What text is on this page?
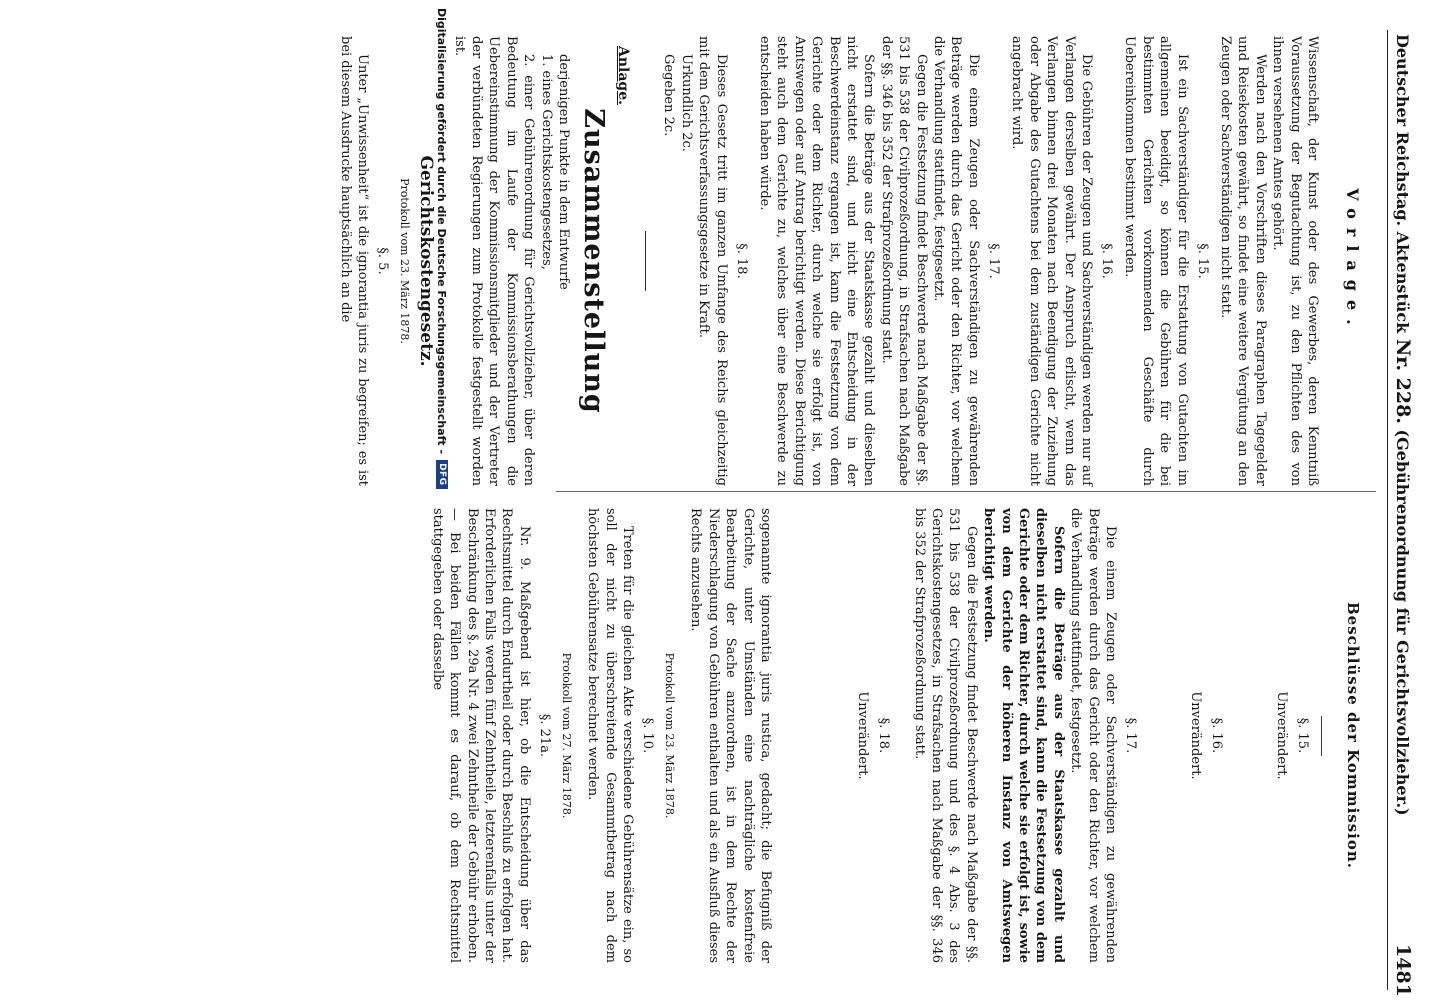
Deutscher Reichstag. Aktenstück Nr. 228. (Gebührenordnung für Gerichtsvollzieher.)
1481
Vorlage.

Wissenschaft, der Kunst oder des Gewerbes, deren Kenntniß Voraussetzung der Begutachtung ist, zu den Pflichten des von ihnen versehenen Amtes gehört.

Werden nach den Vorschriften dieses Paragraphen Tagegelder und Reisekosten gewährt, so findet eine weitere Vergütung an den Zeugen oder Sachverständigen nicht statt.

§. 15.

Ist ein Sachverständiger für die Erstattung von Gutachten im allgemeinen beeidigt, so können die Gebühren für die bei bestimmten Gerichten vorkommenden Geschäfte durch Uebereinkommen bestimmt werden.

§. 16.

Die Gebühren der Zeugen und Sachverständigen werden nur auf Verlangen derselben gewährt. Der Anspruch erlischt, wenn das Verlangen binnen drei Monaten nach Beendigung der Zuziehung oder Abgabe des Gutachtens bei dem zuständigen Gerichte nicht angebracht wird.

§. 17.

Die einem Zeugen oder Sachverständigen zu gewährenden Beträge werden durch das Gericht oder den Richter, vor welchem die Verhandlung stattfindet, festgesetzt.

Gegen die Festsetzung findet Beschwerde nach Maßgabe der §§. 531 bis 538 der Civilprozeßordnung, in Strafsachen nach Maßgabe der §§. 346 bis 352 der Strafprozeßordnung statt.

Sofern die Beträge aus der Staatskasse gezahlt und dieselben nicht erstattet sind, und nicht eine Entscheidung in der Beschwerdeinstanz ergangen ist, kann die Festsetzung von dem Gerichte oder dem Richter, durch welche sie erfolgt ist, von Amtswegen oder auf Antrag berichtigt werden. Diese Berichtigung steht auch dem Gerichte zu, welches über eine Beschwerde zu entscheiden haben würde.

§. 18.

Dieses Gesetz tritt im ganzen Umfange des Reichs gleichzeitig mit dem Gerichtsverfassungsgesetze in Kraft.

Urkundlich 2c.

Gegeben 2c.

Anlage.
Zusammenstellung

derjenigen Punkte in dem Entwurfe

1. eines Gerichtskostengesetzes,
2. einer Gebührenordnung für Gerichtsvollzieher, über deren Bedeutung im Laufe der Kommissionsberathungen die Uebereinstimmung der Kommissionsmitglieder und der Vertreter der verbündeten Regierungen zum Protokolle festgestellt worden ist.
Gerichtskostengesetz.
Protokoll vom 23. März 1878.
§. 5.

Unter „Unwissenheit“ ist die ignorantia juris zu begreifen; es ist bei diesem Ausdrucke hauptsächlich an die

Beschlüsse der Kommission.
§. 15.
Unverändert.
§. 16.
Unverändert.
§. 17.

Die einem Zeugen oder Sachverständigen zu gewährenden Beträge werden durch das Gericht oder den Richter, vor welchem die Verhandlung stattfindet, festgesetzt.

Sofern die Beträge aus der Staatskasse gezahlt und dieselben nicht erstattet sind, kann die Festsetzung von dem Gerichte oder dem Richter, durch welche sie erfolgt ist, sowie von dem Gerichte der höheren Instanz von Amtswegen berichtigt werden.

Gegen die Festsetzung findet Beschwerde nach Maßgabe der §§. 531 bis 538 der Civilprozeßordnung und des §. 4 Abs. 3 des Gerichtskostengesetzes, in Strafsachen nach Maßgabe der §§. 346 bis 352 der Strafprozeßordnung statt.

§. 18.
Unverändert.

sogenannte ignorantia juris rustica, gedacht; die Befugniß der Gerichte, unter Umständen eine nachträgliche kostenfreie Bearbeitung der Sache anzuordnen, ist in dem Rechte der Niederschlagung von Gebühren enthalten und als ein Ausfluß dieses Rechts anzusehen.

Protokoll vom 23. März 1878.
§. 10.

Treten für die gleichen Akte verschiedene Gebührensätze ein, so soll der nicht zu überschreitende Gesammtbetrag nach dem höchsten Gebührensatze berechnet werden.

Protokoll vom 27. März 1878.
§. 21a.

Nr. 9. Maßgebend ist hier, ob die Entscheidung über das Rechtsmittel durch Endurtheil oder durch Beschluß zu erfolgen hat. Erforderlichen Falls werden fünf Zehntheile, letzterenfalls unter der Beschränkung des §. 29a Nr. 4 zwei Zehntheile der Gebühr erhoben. — Bei beiden Fällen kommt es darauf, ob dem Rechtsmittel stattgegeben oder dasselbe

Digitalisierung gefördert durch die Deutsche Forschungsgemeinschaft -
DFG
